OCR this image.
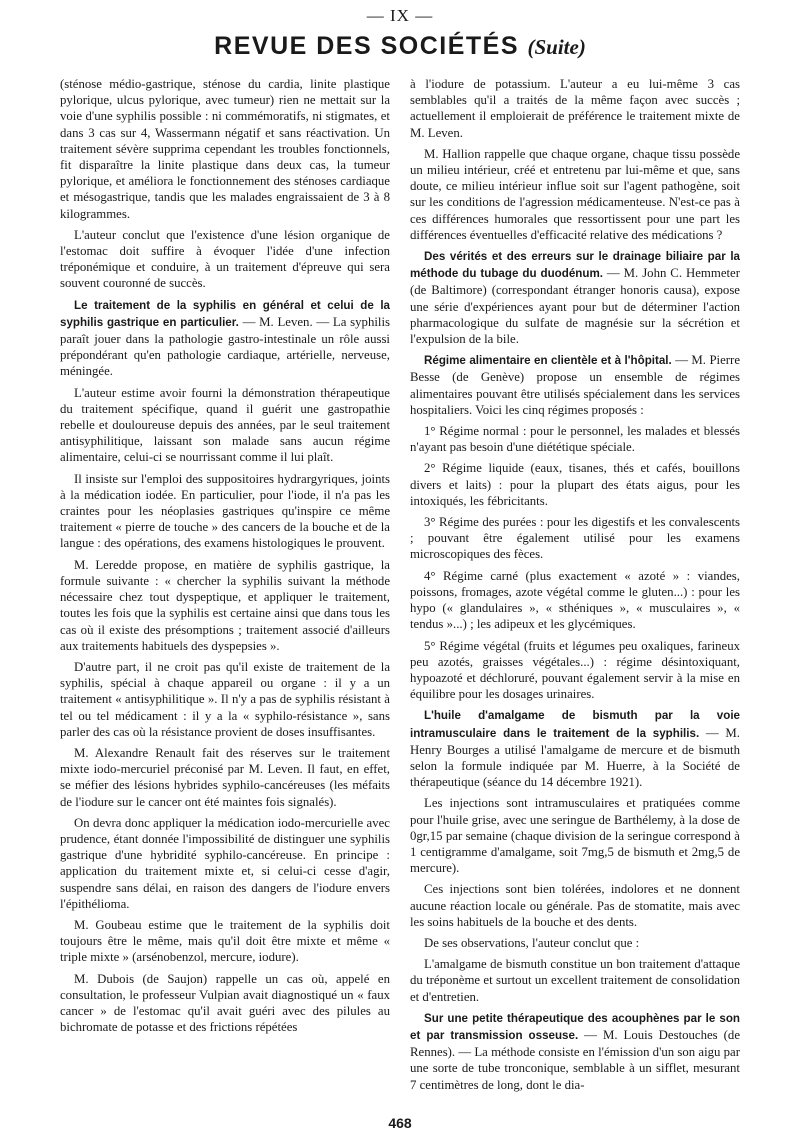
— IX —
REVUE DES SOCIÉTÉS (Suite)

(sténose médio-gastrique, sténose du cardia, linite plastique pylorique, ulcus pylorique, avec tumeur) rien ne mettait sur la voie d'une syphilis possible : ni commémoratifs, ni stigmates, et dans 3 cas sur 4, Wassermann négatif et sans réactivation. Un traitement sévère supprima cependant les troubles fonctionnels, fit disparaître la linite plastique dans deux cas, la tumeur pylorique, et améliora le fonctionnement des sténoses cardiaque et mésogastrique, tandis que les malades engraissaient de 3 à 8 kilogrammes.

L'auteur conclut que l'existence d'une lésion organique de l'estomac doit suffire à évoquer l'idée d'une infection tréponémique et conduire, à un traitement d'épreuve qui sera souvent couronné de succès.

Le traitement de la syphilis en général et celui de la syphilis gastrique en particulier. — M. Leven. — La syphilis paraît jouer dans la pathologie gastro-intestinale un rôle aussi prépondérant qu'en pathologie cardiaque, artérielle, nerveuse, méningée.

L'auteur estime avoir fourni la démonstration thérapeutique du traitement spécifique, quand il guérit une gastropathie rebelle et douloureuse depuis des années, par le seul traitement antisyphilitique, laissant son malade sans aucun régime alimentaire, celui-ci se nourrissant comme il lui plaît.

Il insiste sur l'emploi des suppositoires hydrargyriques, joints à la médication iodée. En particulier, pour l'iode, il n'a pas les craintes pour les néoplasies gastriques qu'inspire ce même traitement « pierre de touche » des cancers de la bouche et de la langue : des opérations, des examens histologiques le prouvent.

M. Leredde propose, en matière de syphilis gastrique, la formule suivante : « chercher la syphilis suivant la méthode nécessaire chez tout dyspeptique, et appliquer le traitement, toutes les fois que la syphilis est certaine ainsi que dans tous les cas où il existe des présomptions ; traitement associé d'ailleurs aux traitements habituels des dyspepsies ».

D'autre part, il ne croit pas qu'il existe de traitement de la syphilis, spécial à chaque appareil ou organe : il y a un traitement « antisyphilitique ». Il n'y a pas de syphilis résistant à tel ou tel médicament : il y a la « syphilo-résistance », sans parler des cas où la résistance provient de doses insuffisantes.

M. Alexandre Renault fait des réserves sur le traitement mixte iodo-mercuriel préconisé par M. Leven. Il faut, en effet, se méfier des lésions hybrides syphilo-cancéreuses (les méfaits de l'iodure sur le cancer ont été maintes fois signalés).

On devra donc appliquer la médication iodo-mercurielle avec prudence, étant donnée l'impossibilité de distinguer une syphilis gastrique d'une hybridité syphilo-cancéreuse. En principe : application du traitement mixte et, si celui-ci cesse d'agir, suspendre sans délai, en raison des dangers de l'iodure envers l'épithélioma.

M. Goubeau estime que le traitement de la syphilis doit toujours être le même, mais qu'il doit être mixte et même « triple mixte » (arsénobenzol, mercure, iodure).

M. Dubois (de Saujon) rappelle un cas où, appelé en consultation, le professeur Vulpian avait diagnostiqué un « faux cancer » de l'estomac qu'il avait guéri avec des pilules au bichromate de potasse et des frictions répétées

à l'iodure de potassium. L'auteur a eu lui-même 3 cas semblables qu'il a traités de la même façon avec succès ; actuellement il emploierait de préférence le traitement mixte de M. Leven.

M. Hallion rappelle que chaque organe, chaque tissu possède un milieu intérieur, créé et entretenu par lui-même et que, sans doute, ce milieu intérieur influe soit sur l'agent pathogène, soit sur les conditions de l'agression médicamenteuse. N'est-ce pas à ces différences humorales que ressortissent pour une part les différences éventuelles d'efficacité relative des médications ?

Des vérités et des erreurs sur le drainage biliaire par la méthode du tubage du duodénum. — M. John C. Hemmeter (de Baltimore) (correspondant étranger honoris causa), expose une série d'expériences ayant pour but de déterminer l'action pharmacologique du sulfate de magnésie sur la sécrétion et l'expulsion de la bile.

Régime alimentaire en clientèle et à l'hôpital. — M. Pierre Besse (de Genève) propose un ensemble de régimes alimentaires pouvant être utilisés spécialement dans les services hospitaliers. Voici les cinq régimes proposés :

1° Régime normal : pour le personnel, les malades et blessés n'ayant pas besoin d'une diététique spéciale.

2° Régime liquide (eaux, tisanes, thés et cafés, bouillons divers et laits) : pour la plupart des états aigus, pour les intoxiqués, les fébricitants.

3° Régime des purées : pour les digestifs et les convalescents ; pouvant être également utilisé pour les examens microscopiques des fèces.

4° Régime carné (plus exactement « azoté » : viandes, poissons, fromages, azote végétal comme le gluten...) : pour les hypo (« glandulaires », « sthéniques », « musculaires », « tendus »...) ; les adipeux et les glycémiques.

5° Régime végétal (fruits et légumes peu oxaliques, farineux peu azotés, graisses végétales...) : régime désintoxiquant, hypoazoté et déchloruré, pouvant également servir à la mise en équilibre pour les dosages urinaires.

L'huile d'amalgame de bismuth par la voie intramusculaire dans le traitement de la syphilis. — M. Henry Bourges a utilisé l'amalgame de mercure et de bismuth selon la formule indiquée par M. Huerre, à la Société de thérapeutique (séance du 14 décembre 1921).

Les injections sont intramusculaires et pratiquées comme pour l'huile grise, avec une seringue de Barthélemy, à la dose de 0gr,15 par semaine (chaque division de la seringue correspond à 1 centigramme d'amalgame, soit 7mg,5 de bismuth et 2mg,5 de mercure).

Ces injections sont bien tolérées, indolores et ne donnent aucune réaction locale ou générale. Pas de stomatite, mais avec les soins habituels de la bouche et des dents.

De ses observations, l'auteur conclut que :

L'amalgame de bismuth constitue un bon traitement d'attaque du tréponème et surtout un excellent traitement de consolidation et d'entretien.

Sur une petite thérapeutique des acouphènes par le son et par transmission osseuse. — M. Louis Destouches (de Rennes). — La méthode consiste en l'émission d'un son aigu par une sorte de tube tronconique, semblable à un sifflet, mesurant 7 centimètres de long, dont le dia-

468
